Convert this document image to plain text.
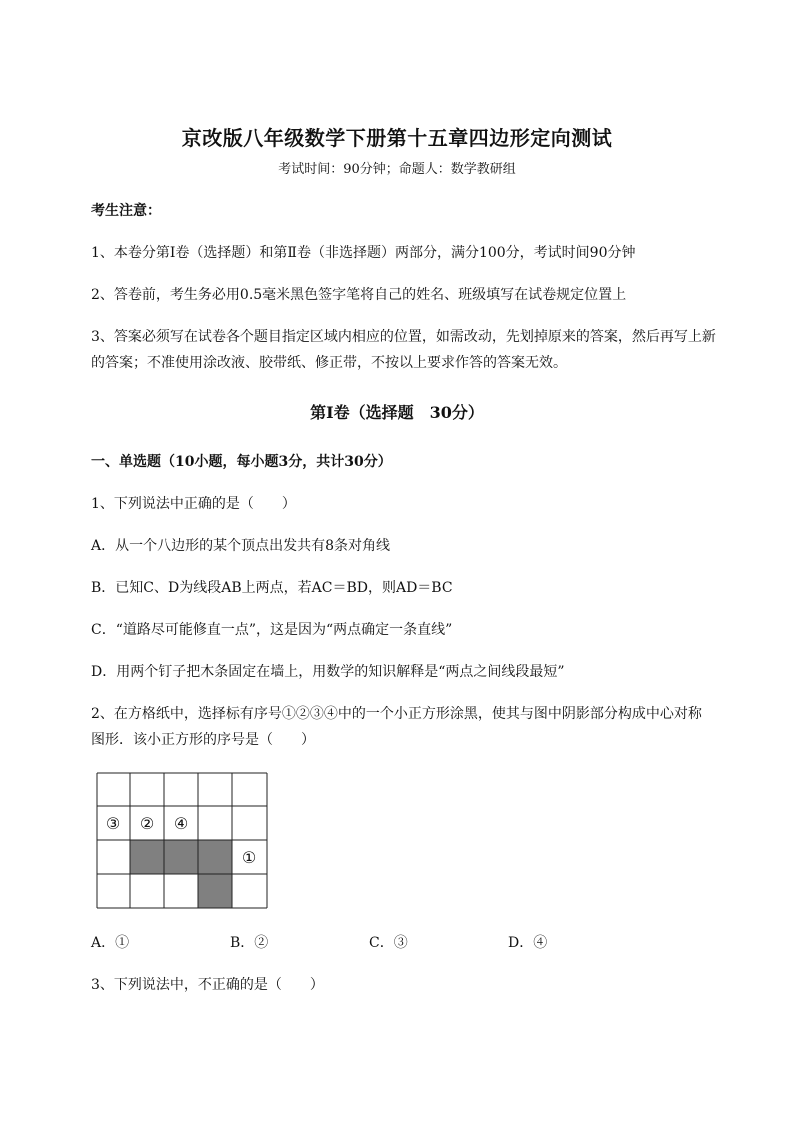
京改版八年级数学下册第十五章四边形定向测试
考试时间：90分钟；命题人：数学教研组
考生注意：
1、本卷分第I卷（选择题）和第Ⅱ卷（非选择题）两部分，满分100分，考试时间90分钟
2、答卷前，考生务必用0.5毫米黑色签字笔将自己的姓名、班级填写在试卷规定位置上
3、答案必须写在试卷各个题目指定区域内相应的位置，如需改动，先划掉原来的答案，然后再写上新
的答案；不准使用涂改液、胶带纸、修正带，不按以上要求作答的答案无效。
第I卷（选择题　30分）
一、单选题（10小题，每小题3分，共计30分）
1、下列说法中正确的是（　　）
A．从一个八边形的某个顶点出发共有8条对角线
B．已知C、D为线段AB上两点，若AC＝BD，则AD＝BC
C．“道路尽可能修直一点”，这是因为“两点确定一条直线”
D．用两个钉子把木条固定在墙上，用数学的知识解释是“两点之间线段最短”
2、在方格纸中，选择标有序号①②③④中的一个小正方形涂黑，使其与图中阴影部分构成中心对称
图形．该小正方形的序号是（　　）
③ ② ④
①
A．①	B．②	C．③	D．④
3、下列说法中，不正确的是（　　）
